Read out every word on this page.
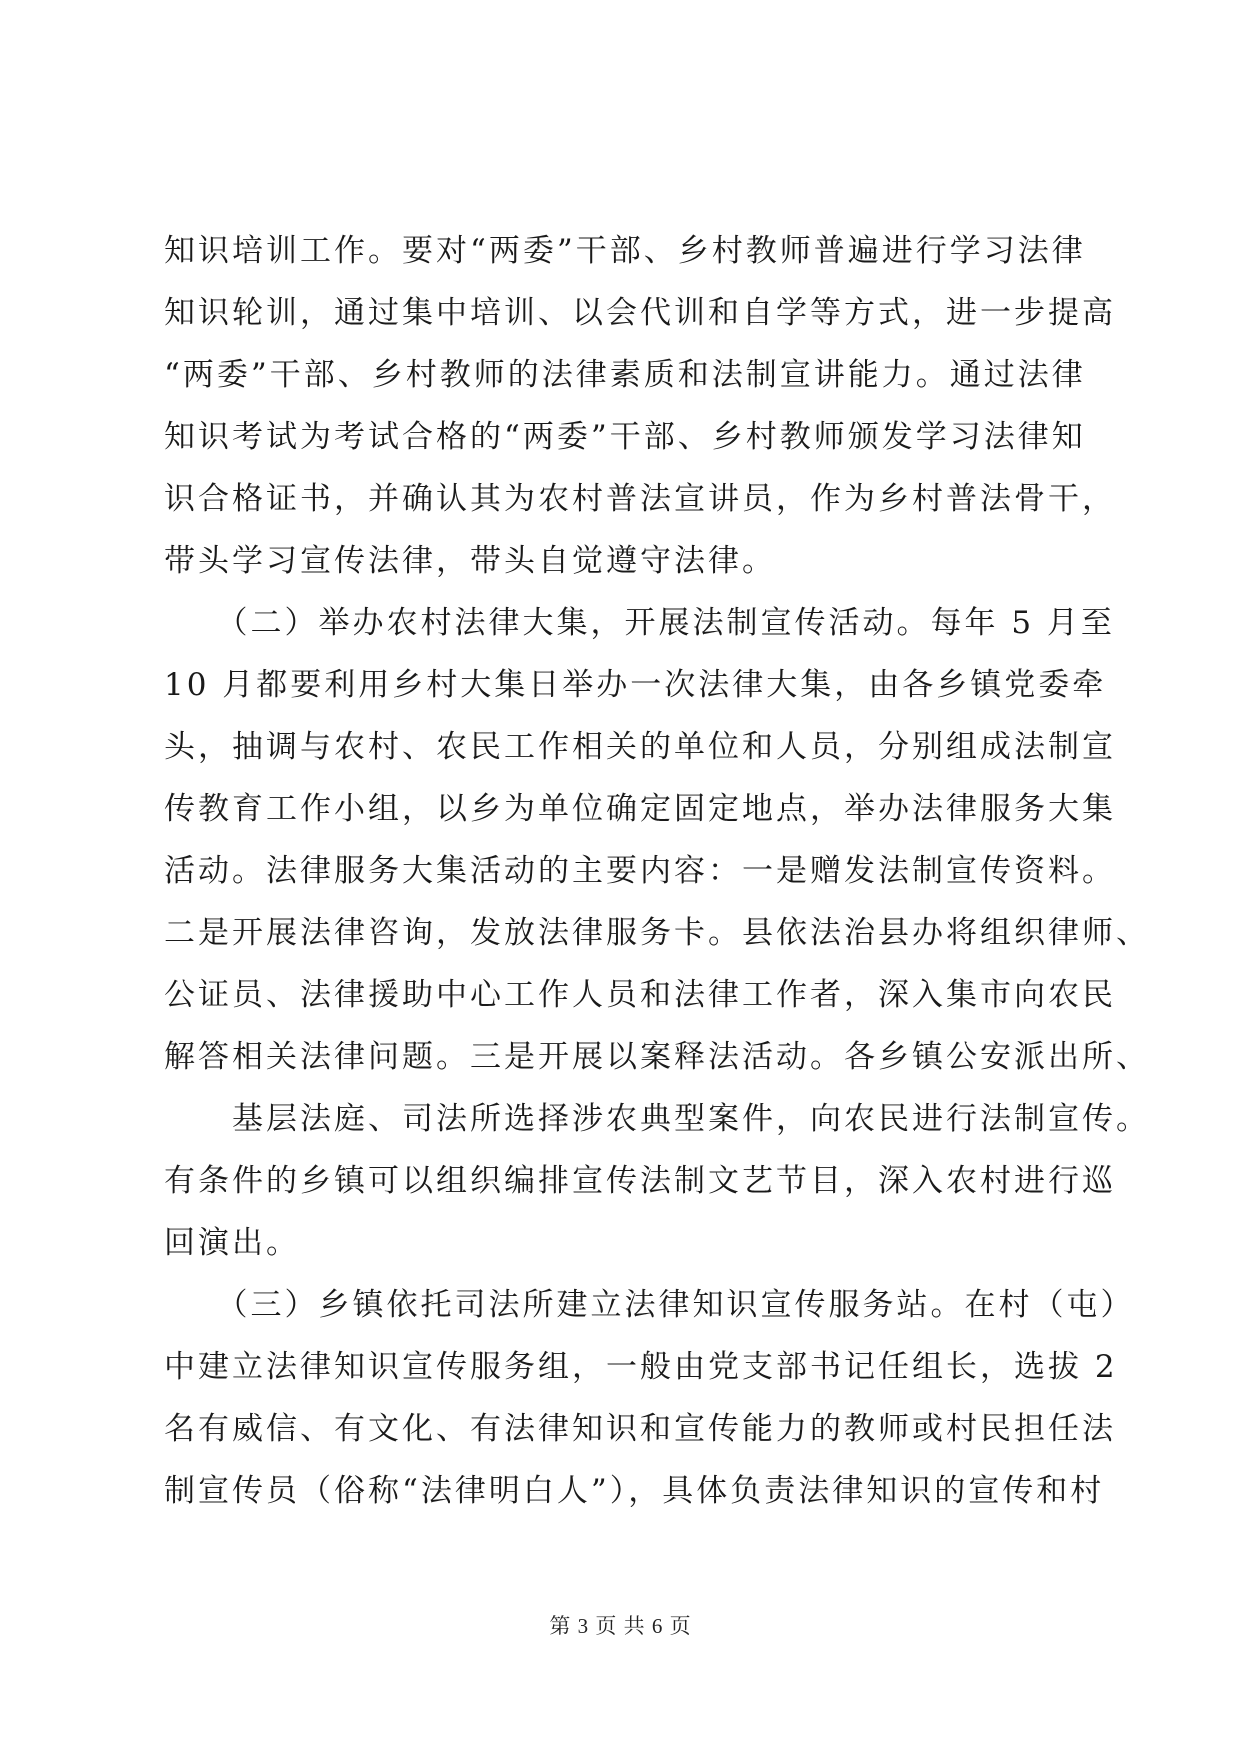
知识培训工作。要对“两委”干部、乡村教师普遍进行学习法律
知识轮训，通过集中培训、以会代训和自学等方式，进一步提高
“两委”干部、乡村教师的法律素质和法制宣讲能力。通过法律
知识考试为考试合格的“两委”干部、乡村教师颁发学习法律知
识合格证书，并确认其为农村普法宣讲员，作为乡村普法骨干，
带头学习宣传法律，带头自觉遵守法律。
　　（二）举办农村法律大集，开展法制宣传活动。每年 5 月至
10 月都要利用乡村大集日举办一次法律大集，由各乡镇党委牵
头，抽调与农村、农民工作相关的单位和人员，分别组成法制宣
传教育工作小组，以乡为单位确定固定地点，举办法律服务大集
活动。法律服务大集活动的主要内容：一是赠发法制宣传资料。
二是开展法律咨询，发放法律服务卡。县依法治县办将组织律师、
公证员、法律援助中心工作人员和法律工作者，深入集市向农民
解答相关法律问题。三是开展以案释法活动。各乡镇公安派出所、
　　基层法庭、司法所选择涉农典型案件，向农民进行法制宣传。
有条件的乡镇可以组织编排宣传法制文艺节目，深入农村进行巡
回演出。
　　（三）乡镇依托司法所建立法律知识宣传服务站。在村（屯）
中建立法律知识宣传服务组，一般由党支部书记任组长，选拔 2
名有威信、有文化、有法律知识和宣传能力的教师或村民担任法
制宣传员（俗称“法律明白人”），具体负责法律知识的宣传和村
第 3 页 共 6 页
